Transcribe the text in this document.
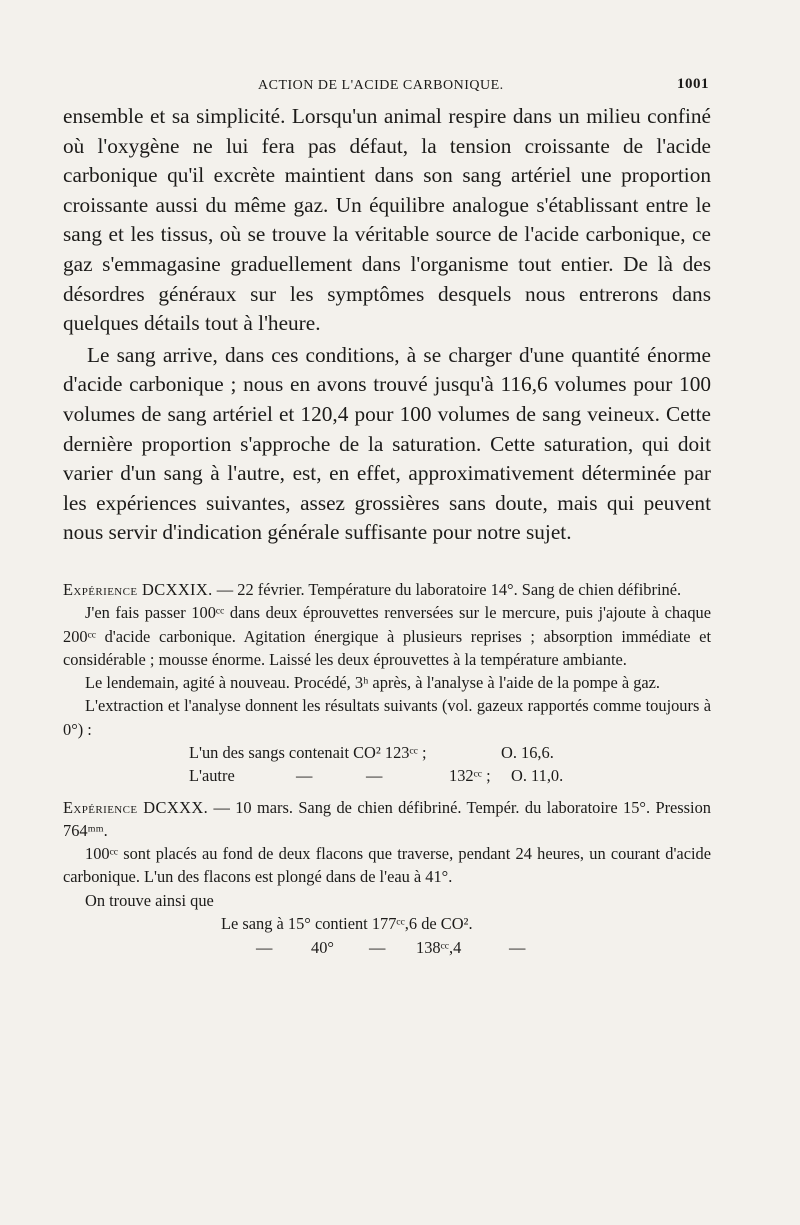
ACTION DE L'ACIDE CARBONIQUE.	1001

ensemble et sa simplicité. Lorsqu'un animal respire dans un milieu confiné où l'oxygène ne lui fera pas défaut, la tension croissante de l'acide carbonique qu'il excrète maintient dans son sang artériel une proportion croissante aussi du même gaz. Un équilibre analogue s'établissant entre le sang et les tissus, où se trouve la véritable source de l'acide carbonique, ce gaz s'emmagasine graduellement dans l'organisme tout entier. De là des désordres généraux sur les symptômes desquels nous entrerons dans quelques détails tout à l'heure.

Le sang arrive, dans ces conditions, à se charger d'une quantité énorme d'acide carbonique ; nous en avons trouvé jusqu'à 116,6 volumes pour 100 volumes de sang artériel et 120,4 pour 100 volumes de sang veineux. Cette dernière proportion s'approche de la saturation. Cette saturation, qui doit varier d'un sang à l'autre, est, en effet, approximativement déterminée par les expériences suivantes, assez grossières sans doute, mais qui peuvent nous servir d'indication générale suffisante pour notre sujet.

Expérience DCXXIX. — 22 février. Température du laboratoire 14°. Sang de chien défibriné.

J'en fais passer 100ᶜᶜ dans deux éprouvettes renversées sur le mercure, puis j'ajoute à chaque 200ᶜᶜ d'acide carbonique. Agitation énergique à plusieurs reprises ; absorption immédiate et considérable ; mousse énorme. Laissé les deux éprouvettes à la température ambiante.

Le lendemain, agité à nouveau. Procédé, 3ʰ après, à l'analyse à l'aide de la pompe à gaz.

L'extraction et l'analyse donnent les résultats suivants (vol. gazeux rapportés comme toujours à 0°) :

L'un des sangs contenait CO² 123ᶜᶜ ;	O. 16,6.
L'autre	—	—	132ᶜᶜ ; O. 11,0.

Expérience DCXXX. — 10 mars. Sang de chien défibriné. Tempér. du laboratoire 15°. Pression 764ᵐᵐ.

100ᶜᶜ sont placés au fond de deux flacons que traverse, pendant 24 heures, un courant d'acide carbonique. L'un des flacons est plongé dans de l'eau à 41°.

On trouve ainsi que

Le sang à 15° contient 177ᶜᶜ,6 de CO².
— 40° — 138ᶜᶜ,4	—
